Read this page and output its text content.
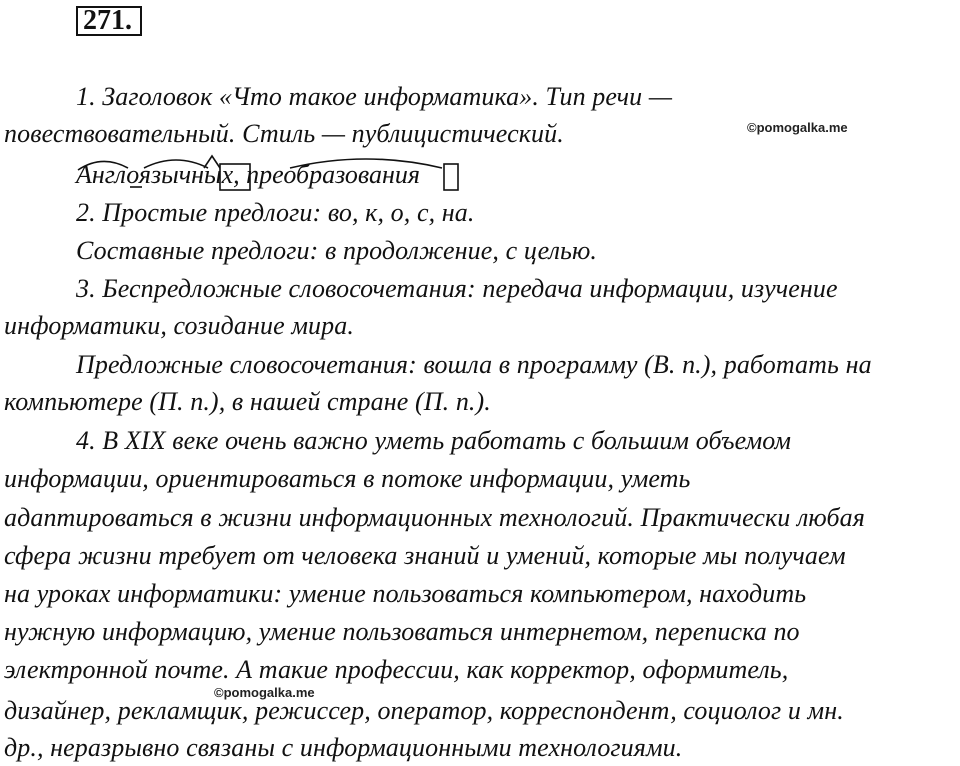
271.
©pomogalka.me
1. Заголовок «Что такое информатика». Тип речи —
повествовательный. Стиль — публицистический.
Англоязычных, преобразования
2. Простые предлоги: во, к, о, с, на.
Составные предлоги: в продолжение, с целью.
3. Беспредложные словосочетания: передача информации, изучение
информатики, созидание мира.
Предложные словосочетания: вошла в программу (В. п.), работать на
компьютере (П. п.), в нашей стране (П. п.).
4. В XIX веке очень важно уметь работать с большим объемом
информации, ориентироваться в потоке информации, уметь
адаптироваться в жизни информационных технологий. Практически любая
сфера жизни требует от человека знаний и умений, которые мы получаем
на уроках информатики: умение пользоваться компьютером, находить
нужную информацию, умение пользоваться интернетом, переписка по
электронной почте. А такие профессии, как корректор, оформитель,
©pomogalka.me
дизайнер, рекламщик, режиссер, оператор, корреспондент, социолог и мн.
др., неразрывно связаны с информационными технологиями.
